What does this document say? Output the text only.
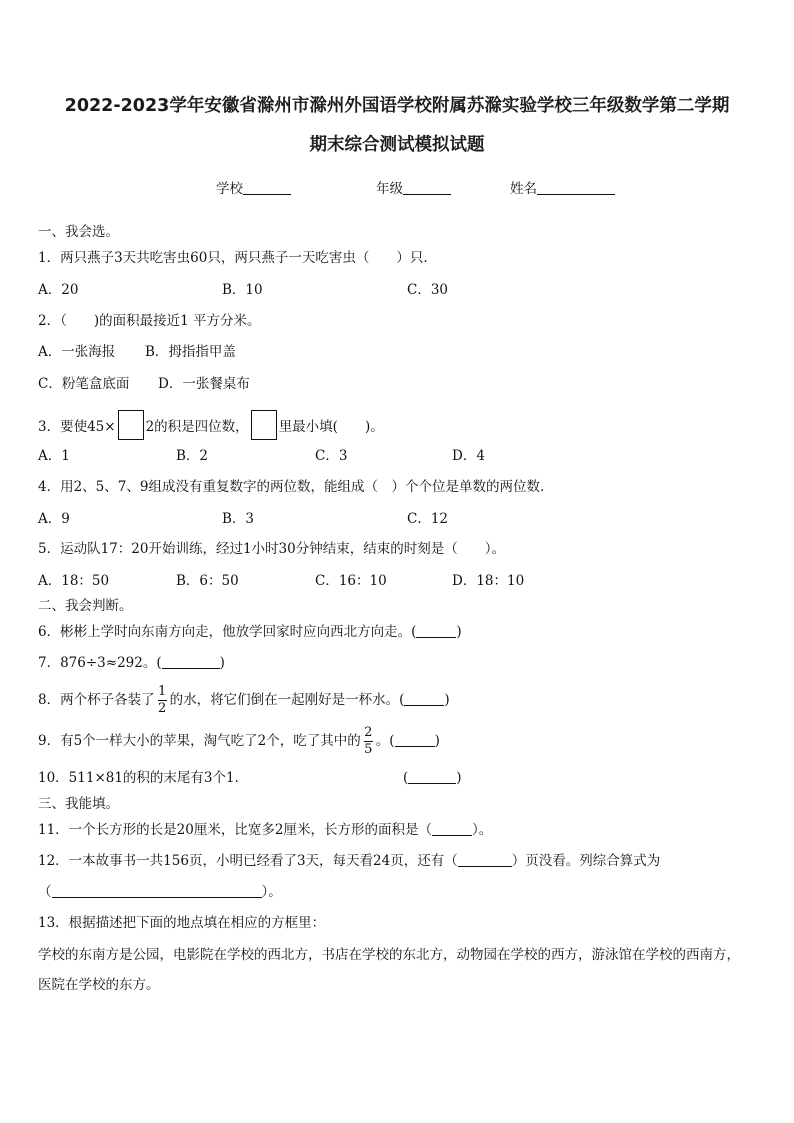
2022-2023学年安徽省滁州市滁州外国语学校附属苏滁实验学校三年级数学第二学期
期末综合测试模拟试题
学校	年级	姓名
一、我会选。
1．两只燕子3天共吃害虫60只，两只燕子一天吃害虫（　　）只.
A．20	B．10	C．30
2．（　　)的面积最接近1 平方分米。
A．一张海报 B．拇指指甲盖
C．粉笔盒底面 D．一张餐桌布
3．要使45× 2的积是四位数， 里最小填(　　)。
A．1	B．2	C．3	D．4
4．用2、5、7、9组成没有重复数字的两位数，能组成（　）个个位是单数的两位数.
A．9	B．3	C．12
5．运动队17：20开始训练，经过1小时30分钟结束，结束的时刻是（　　）。
A．18：50	B．6：50	C．16：10	D．18：10
二、我会判断。
6．彬彬上学时向东南方向走，他放学回家时应向西北方向走。(	)
7．876÷3≈292。(	)
8．两个杯子各装了 $\frac{1}{2}$ 的水，将它们倒在一起刚好是一杯水。(	)
9．有5个一样大小的苹果，淘气吃了2个，吃了其中的 $\frac{2}{5}$ 。(	)
10．511×81的积的末尾有3个1．	(	)
三、我能填。
11．一个长方形的长是20厘米，比宽多2厘米，长方形的面积是（	）。
12．一本故事书一共156页，小明已经看了3天，每天看24页，还有（	）页没看。列综合算式为
（	）。
13．根据描述把下面的地点填在相应的方框里：
学校的东南方是公园，电影院在学校的西北方，书店在学校的东北方，动物园在学校的西方，游泳馆在学校的西南方，
医院在学校的东方。
